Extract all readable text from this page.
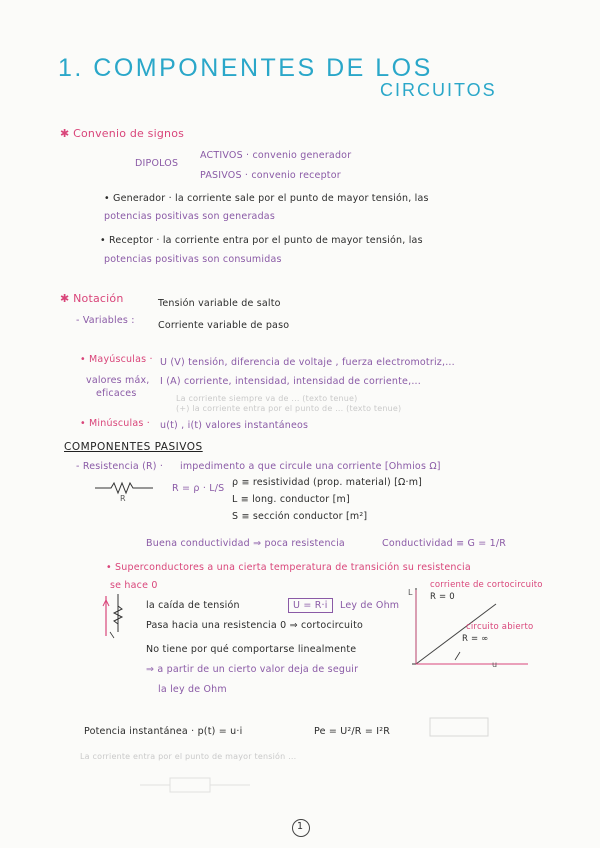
1. COMPONENTES DE LOS
CIRCUITOS
✱ Convenio de signos
DIPOLOS
ACTIVOS · convenio generador
PASIVOS · convenio receptor
• Generador · la corriente sale por el punto de mayor tensión, las
potencias positivas son generadas
• Receptor · la corriente entra por el punto de mayor tensión, las
potencias positivas son consumidas
✱ Notación
- Variables :
Tensión variable de salto
Corriente variable de paso
• Mayúsculas · U (V) tensión, diferencia de voltaje , fuerza electromotriz,...
valores máx,
eficaces
I (A) corriente, intensidad, intensidad de corriente,...
La corriente siempre va de ... (texto tenue)
(+) la corriente entra por el punto de ... (texto tenue)
• Minúsculas · u(t) , i(t) valores instantáneos
COMPONENTES PASIVOS
- Resistencia (R) · impedimento a que circule una corriente [Ohmios Ω]
R
R = ρ · L/S
ρ ≡ resistividad (prop. material) [Ω·m]
L ≡ long. conductor [m]
S ≡ sección conductor [m²]
Buena conductividad ⇒ poca resistencia	Conductividad ≡ G = 1/R
• Superconductores a una cierta temperatura de transición su resistencia
se hace 0
la caída de tensión	U = R·i	Ley de Ohm
Pasa hacia una resistencia 0 ⇒ cortocircuito
No tiene por qué comportarse linealmente
⇒ a partir de un cierto valor deja de seguir
la ley de Ohm
L
u
corriente de cortocircuito
R = 0
circuito abierto
R = ∞
Potencia instantánea · p(t) = u·i	Pe = U²/R = I²R
La corriente entra por el punto de mayor tensión ...
1
